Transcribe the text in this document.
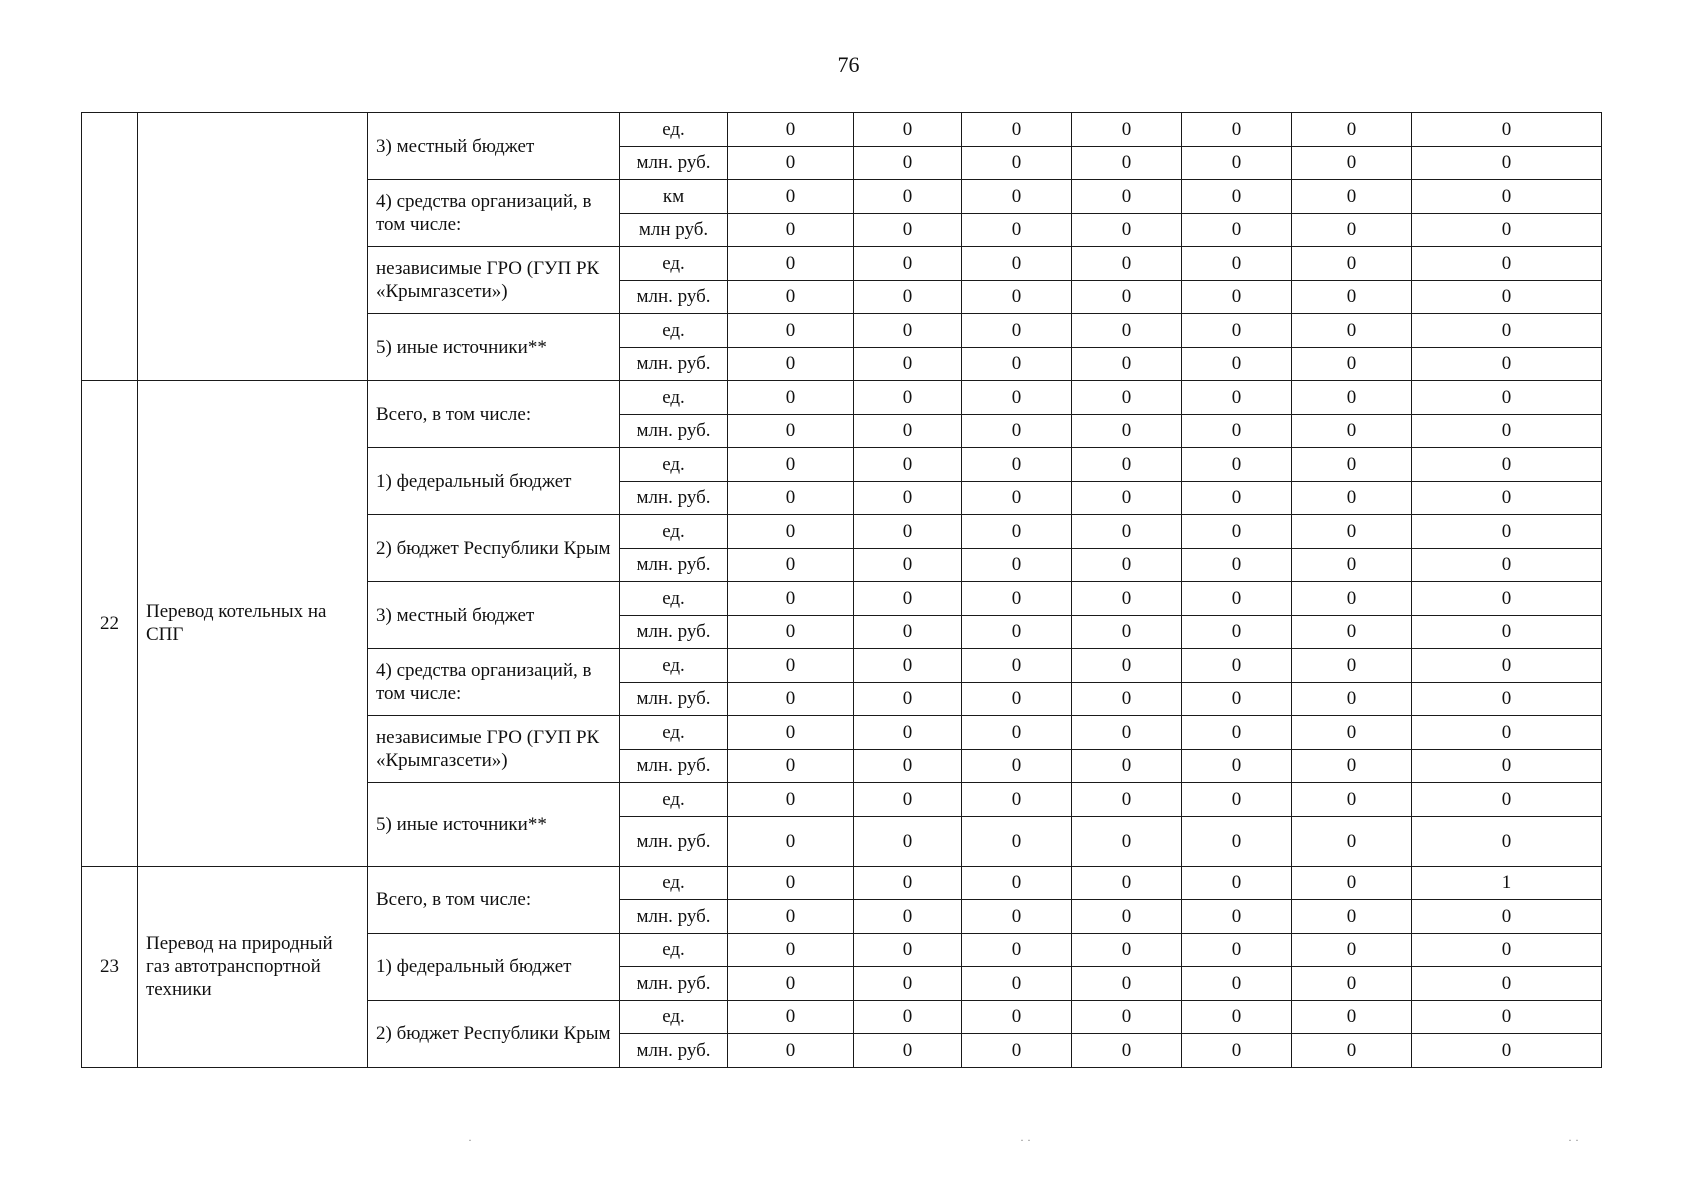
76
		3) местный бюджет	ед.	0	0	0	0	0	0	0
			млн. руб.	0	0	0	0	0	0	0
		4) средства организаций, в том числе:	км	0	0	0	0	0	0	0
			млн руб.	0	0	0	0	0	0	0
		независимые ГРО (ГУП РК «Крымгазсети»)	ед.	0	0	0	0	0	0	0
			млн. руб.	0	0	0	0	0	0	0
		5) иные источники**	ед.	0	0	0	0	0	0	0
			млн. руб.	0	0	0	0	0	0	0
22	Перевод котельных на СПГ	Всего, в том числе:	ед.	0	0	0	0	0	0	0
			млн. руб.	0	0	0	0	0	0	0
		1) федеральный бюджет	ед.	0	0	0	0	0	0	0
			млн. руб.	0	0	0	0	0	0	0
		2) бюджет Республики Крым	ед.	0	0	0	0	0	0	0
			млн. руб.	0	0	0	0	0	0	0
		3) местный бюджет	ед.	0	0	0	0	0	0	0
			млн. руб.	0	0	0	0	0	0	0
		4) средства организаций, в том числе:	ед.	0	0	0	0	0	0	0
			млн. руб.	0	0	0	0	0	0	0
		независимые ГРО (ГУП РК «Крымгазсети»)	ед.	0	0	0	0	0	0	0
			млн. руб.	0	0	0	0	0	0	0
		5) иные источники**	ед.	0	0	0	0	0	0	0
			млн. руб.	0	0	0	0	0	0	0
23	Перевод на природный газ автотранспортной техники	Всего, в том числе:	ед.	0	0	0	0	0	0	1
			млн. руб.	0	0	0	0	0	0	0
		1) федеральный бюджет	ед.	0	0	0	0	0	0	0
			млн. руб.	0	0	0	0	0	0	0
		2) бюджет Республики Крым	ед.	0	0	0	0	0	0	0
			млн. руб.	0	0	0	0	0	0	0
·	· ·	· ·
